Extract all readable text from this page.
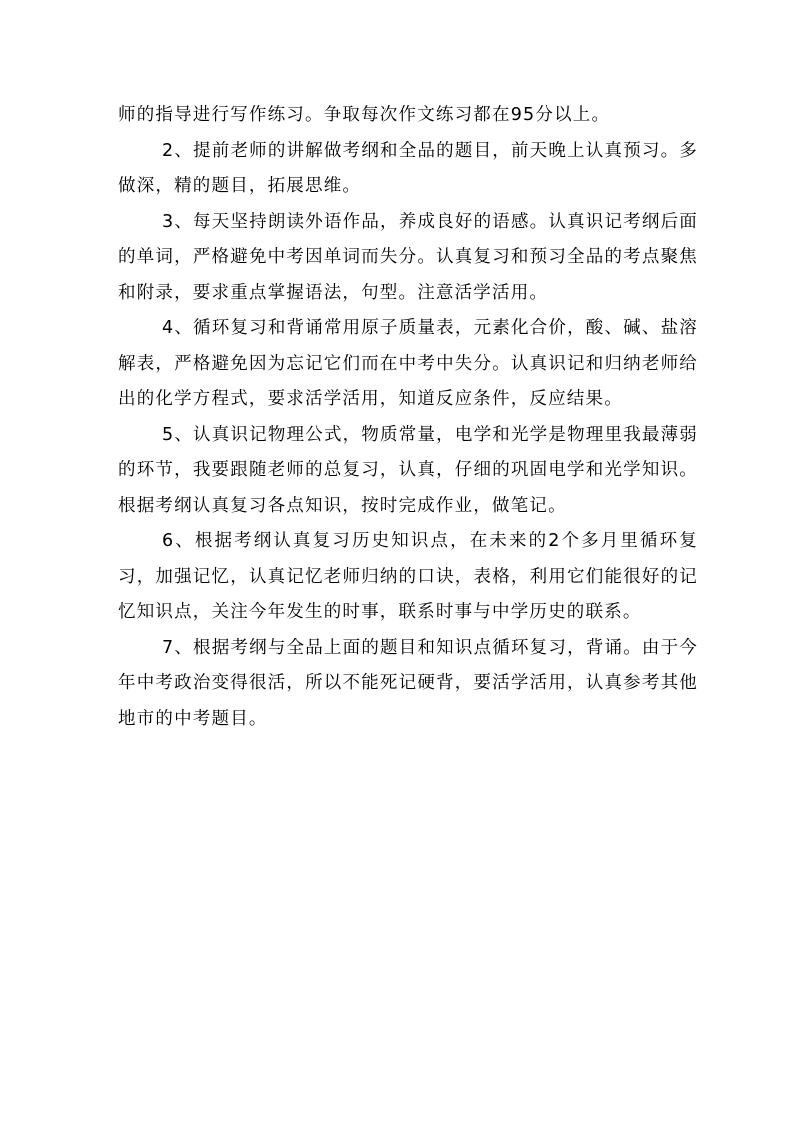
师的指导进行写作练习。争取每次作文练习都在95分以上。

2、提前老师的讲解做考纲和全品的题目，前天晚上认真预习。多做深，精的题目，拓展思维。

3、每天坚持朗读外语作品，养成良好的语感。认真识记考纲后面的单词，严格避免中考因单词而失分。认真复习和预习全品的考点聚焦和附录，要求重点掌握语法，句型。注意活学活用。

4、循环复习和背诵常用原子质量表，元素化合价，酸、碱、盐溶解表，严格避免因为忘记它们而在中考中失分。认真识记和归纳老师给出的化学方程式，要求活学活用，知道反应条件，反应结果。

5、认真识记物理公式，物质常量，电学和光学是物理里我最薄弱的环节，我要跟随老师的总复习，认真，仔细的巩固电学和光学知识。根据考纲认真复习各点知识，按时完成作业，做笔记。

6、根据考纲认真复习历史知识点，在未来的2个多月里循环复习，加强记忆，认真记忆老师归纳的口诀，表格，利用它们能很好的记忆知识点，关注今年发生的时事，联系时事与中学历史的联系。

7、根据考纲与全品上面的题目和知识点循环复习，背诵。由于今年中考政治变得很活，所以不能死记硬背，要活学活用，认真参考其他地市的中考题目。
